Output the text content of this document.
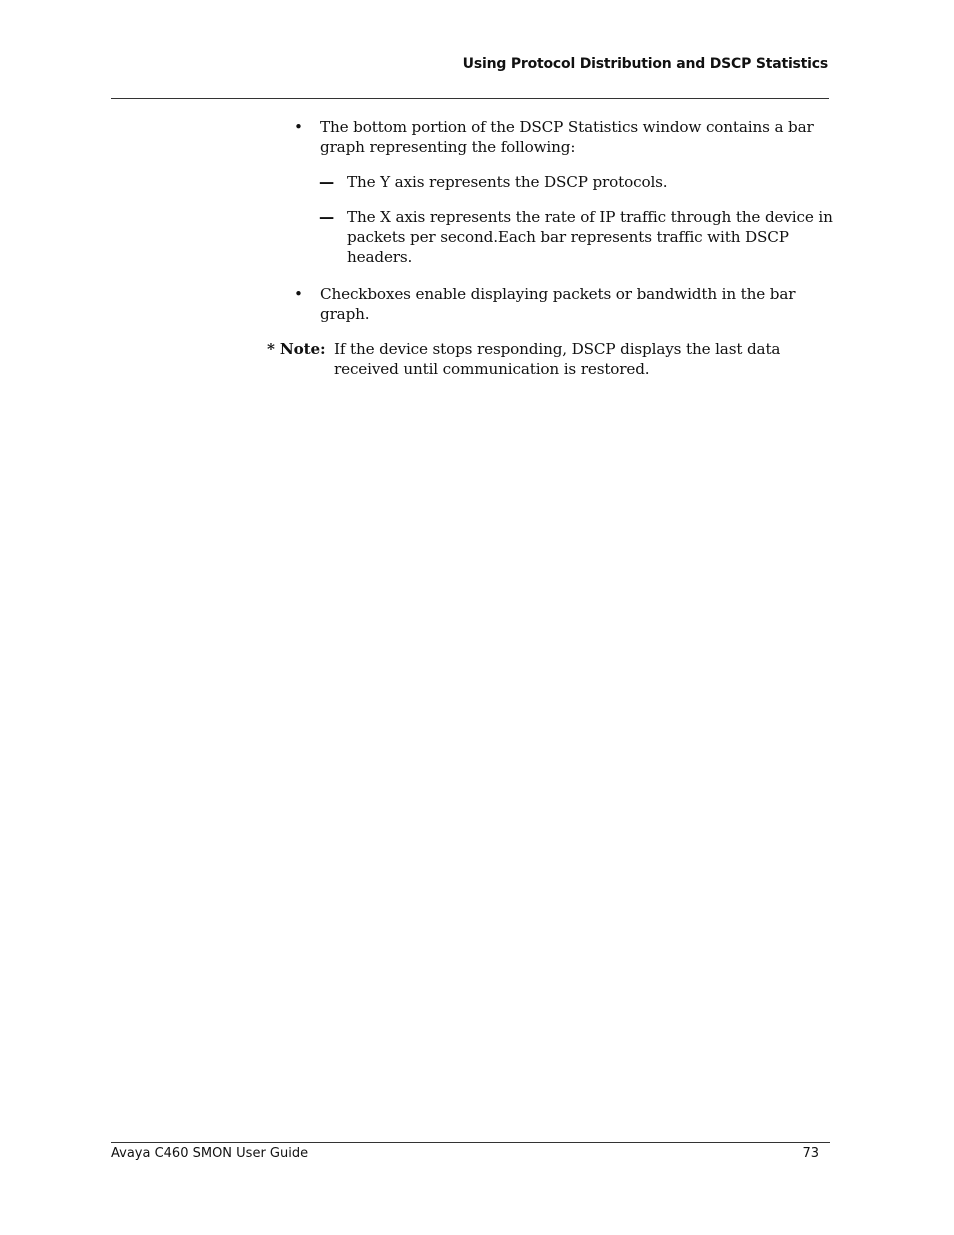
Using Protocol Distribution and DSCP Statistics
•	The bottom portion of the DSCP Statistics window contains a bar graph representing the following:
— The Y axis represents the DSCP protocols.
— The X axis represents the rate of IP traffic through the device in packets per second.Each bar represents traffic with DSCP headers.
•	Checkboxes enable displaying packets or bandwidth in the bar graph.
* Note: If the device stops responding, DSCP displays the last data received until communication is restored.
Avaya C460 SMON User Guide	73
